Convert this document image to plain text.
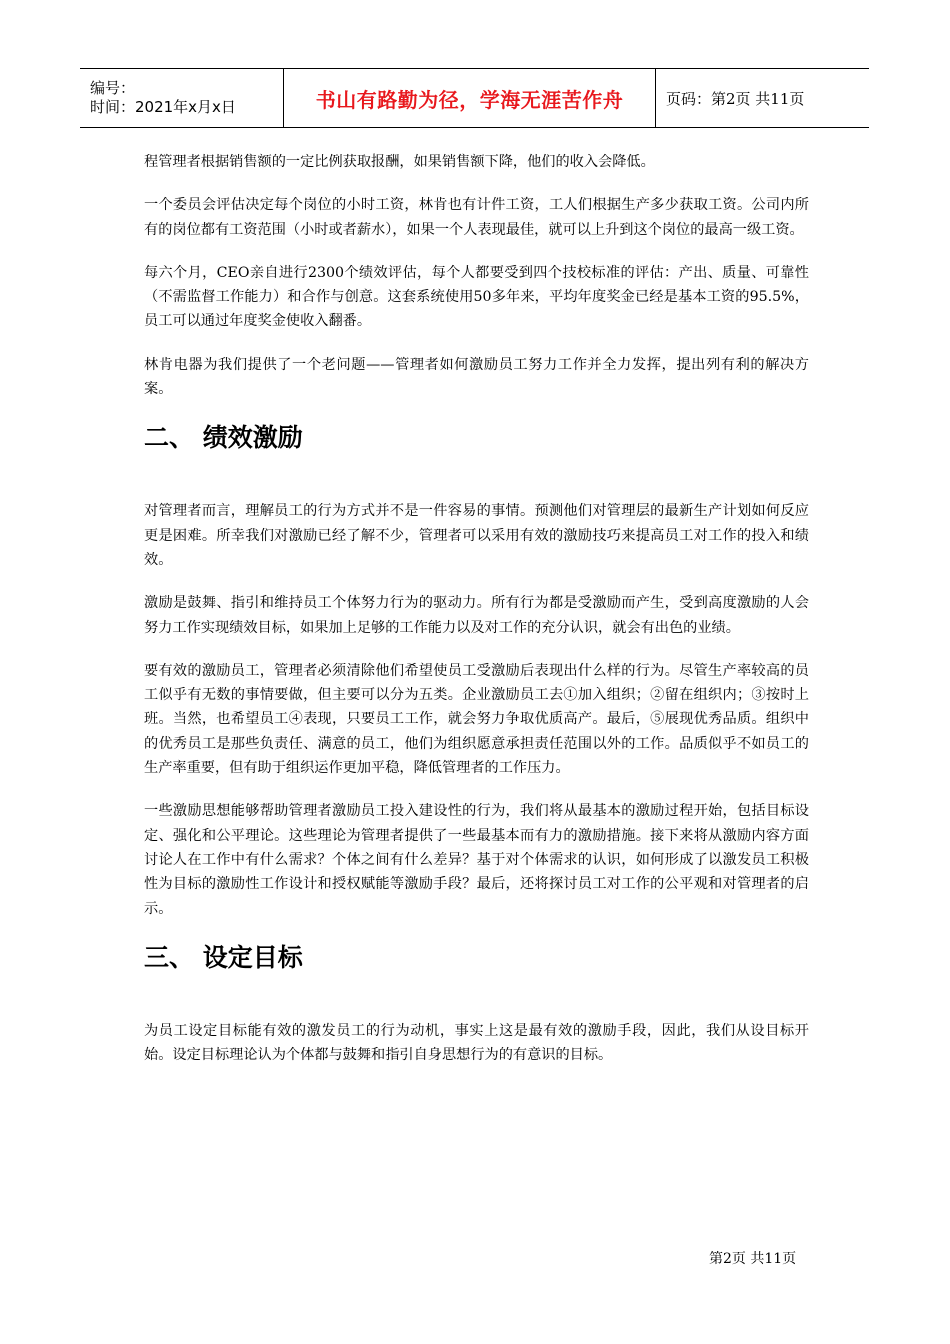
编号：
时间：2021年x月x日	书山有路勤为径，学海无涯苦作舟	页码：第2页 共11页

程管理者根据销售额的一定比例获取报酬，如果销售额下降，他们的收入会降低。

一个委员会评估决定每个岗位的小时工资，林肯也有计件工资，工人们根据生产多少获取工资。公司内所有的岗位都有工资范围（小时或者薪水），如果一个人表现最佳，就可以上升到这个岗位的最高一级工资。

每六个月，CEO亲自进行2300个绩效评估，每个人都要受到四个技校标准的评估：产出、质量、可靠性（不需监督工作能力）和合作与创意。这套系统使用50多年来，平均年度奖金已经是基本工资的95.5%，员工可以通过年度奖金使收入翻番。

林肯电器为我们提供了一个老问题——管理者如何激励员工努力工作并全力发挥，提出列有利的解决方案。

二、 绩效激励

对管理者而言，理解员工的行为方式并不是一件容易的事情。预测他们对管理层的最新生产计划如何反应更是困难。所幸我们对激励已经了解不少，管理者可以采用有效的激励技巧来提高员工对工作的投入和绩效。

激励是鼓舞、指引和维持员工个体努力行为的驱动力。所有行为都是受激励而产生，受到高度激励的人会努力工作实现绩效目标，如果加上足够的工作能力以及对工作的充分认识，就会有出色的业绩。

要有效的激励员工，管理者必须清除他们希望使员工受激励后表现出什么样的行为。尽管生产率较高的员工似乎有无数的事情要做，但主要可以分为五类。企业激励员工去①加入组织；②留在组织内；③按时上班。当然，也希望员工④表现，只要员工工作，就会努力争取优质高产。最后，⑤展现优秀品质。组织中的优秀员工是那些负责任、满意的员工，他们为组织愿意承担责任范围以外的工作。品质似乎不如员工的生产率重要，但有助于组织运作更加平稳，降低管理者的工作压力。

一些激励思想能够帮助管理者激励员工投入建设性的行为，我们将从最基本的激励过程开始，包括目标设定、强化和公平理论。这些理论为管理者提供了一些最基本而有力的激励措施。接下来将从激励内容方面讨论人在工作中有什么需求？个体之间有什么差异？基于对个体需求的认识，如何形成了以激发员工积极性为目标的激励性工作设计和授权赋能等激励手段？最后，还将探讨员工对工作的公平观和对管理者的启示。

三、 设定目标

为员工设定目标能有效的激发员工的行为动机，事实上这是最有效的激励手段，因此，我们从设目标开始。设定目标理论认为个体都与鼓舞和指引自身思想行为的有意识的目标。

第2页 共11页
